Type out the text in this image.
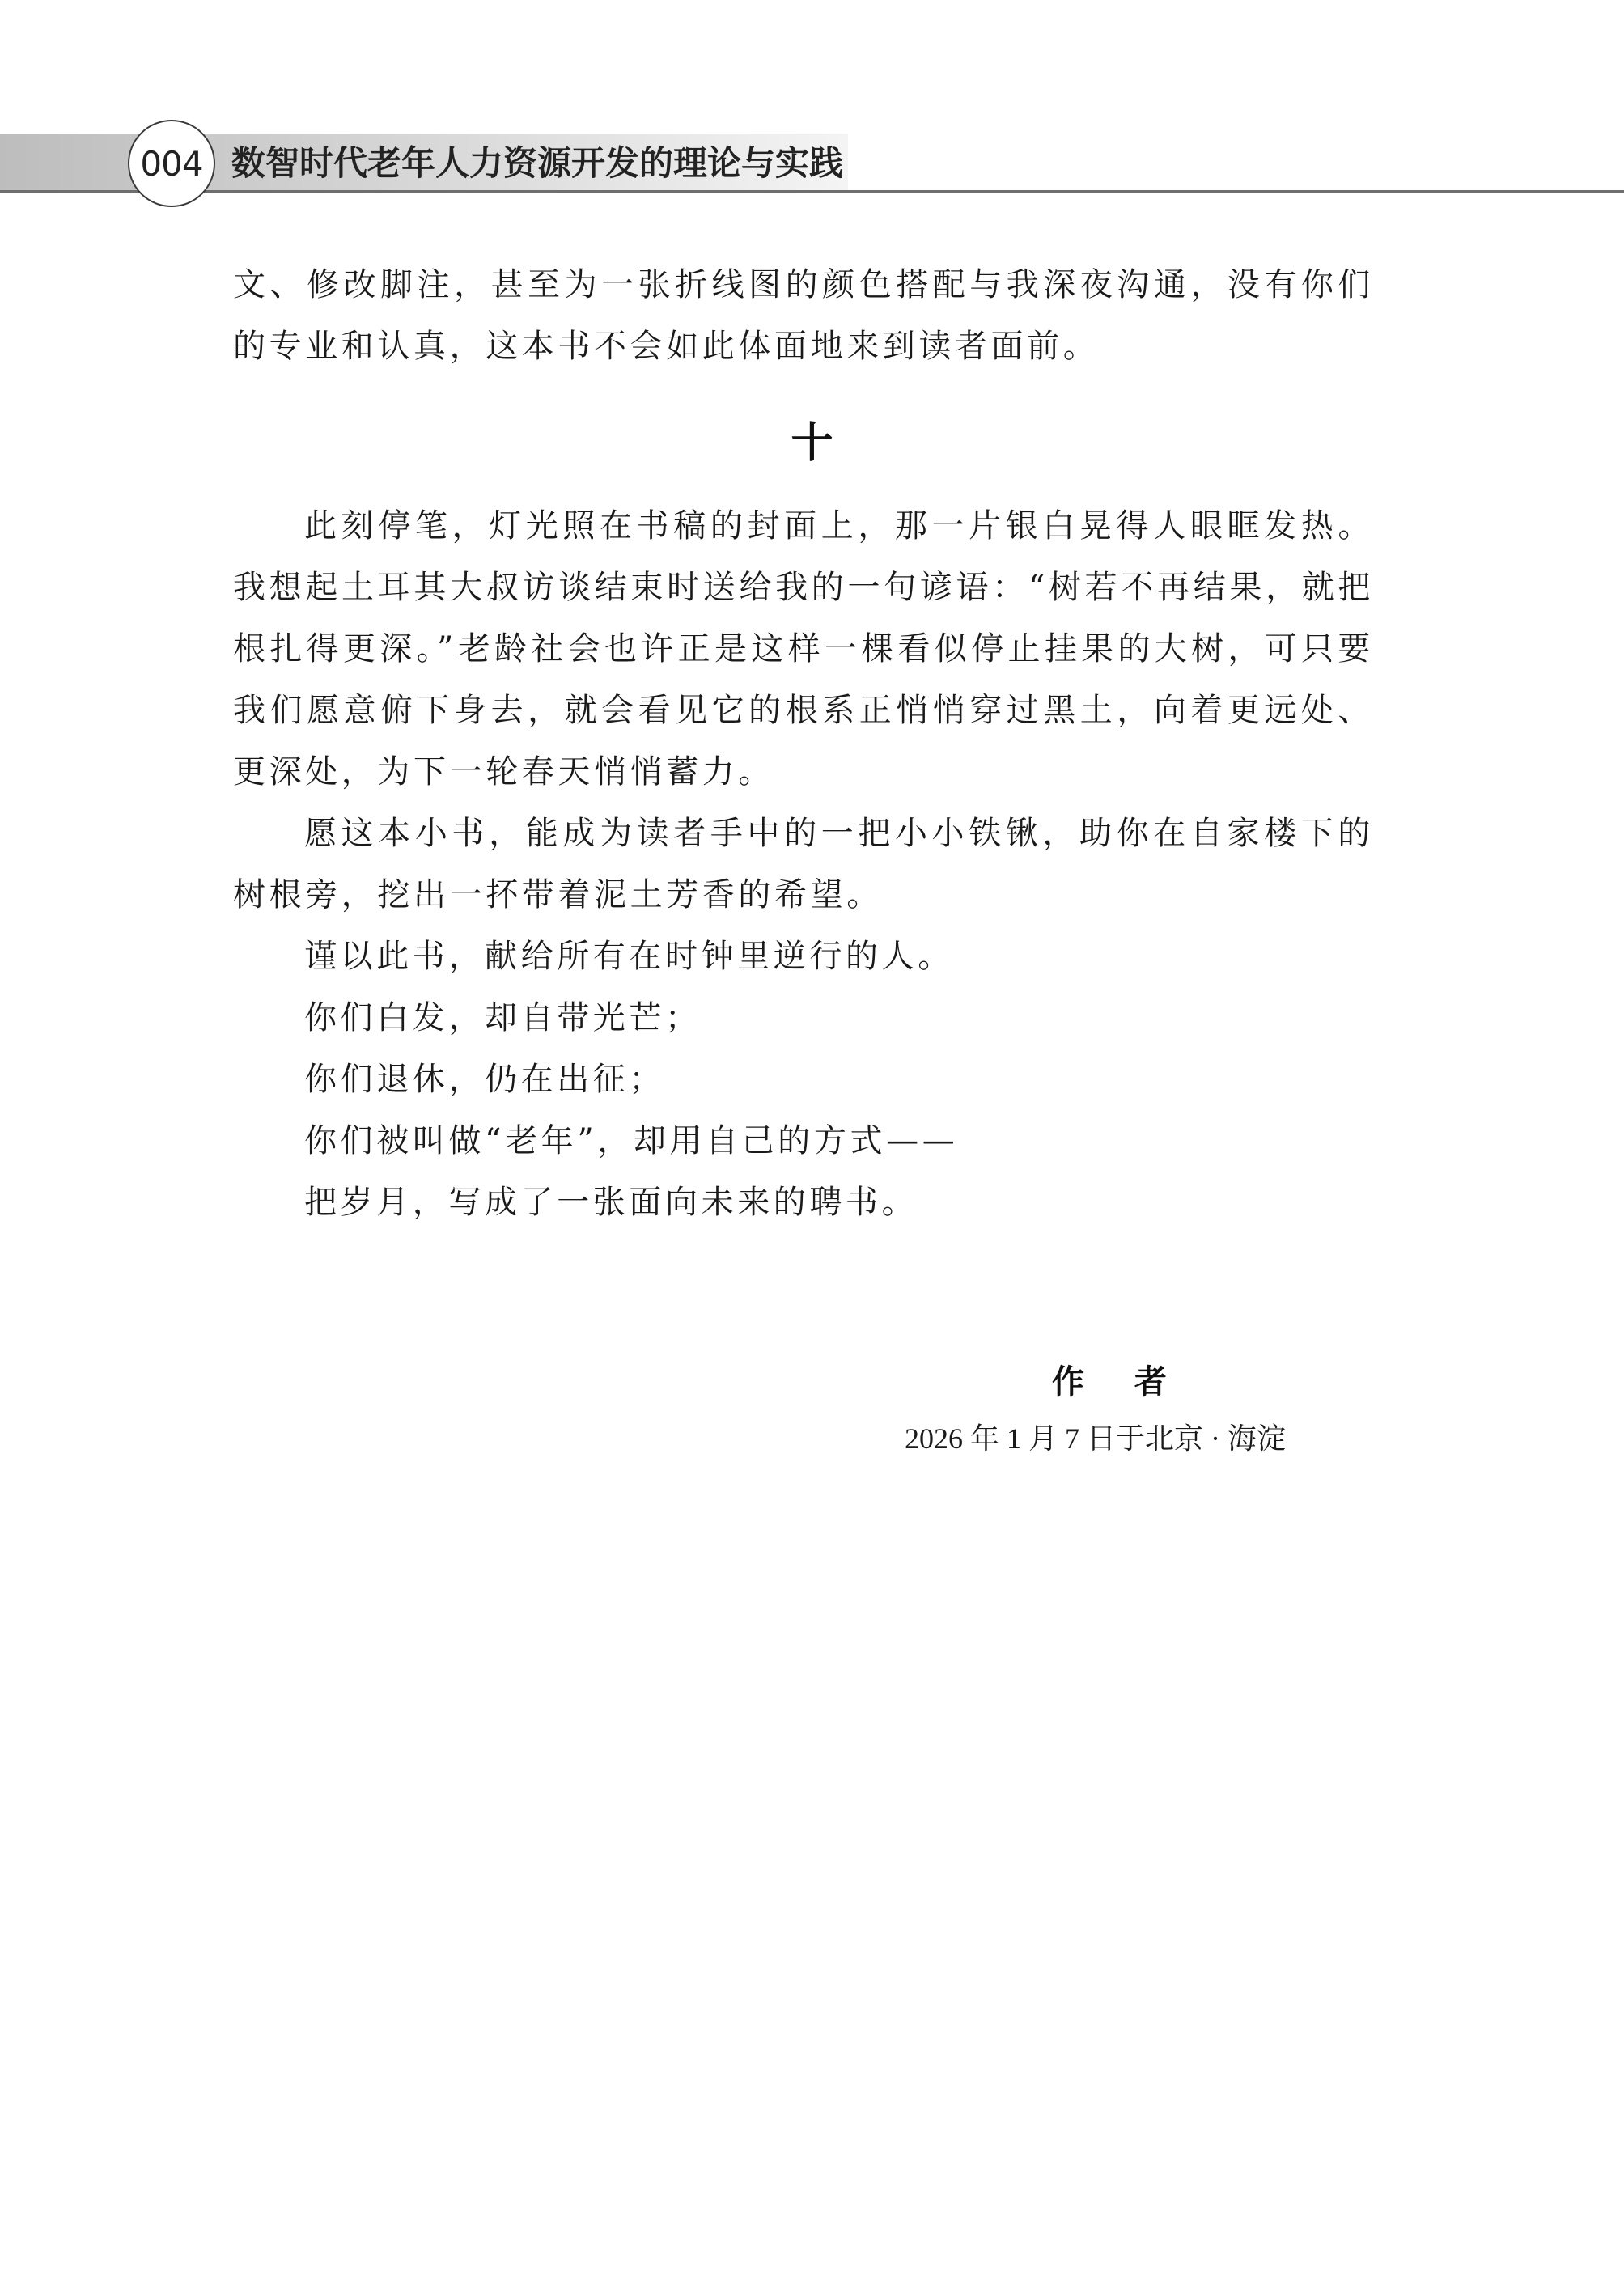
004 数智时代老年人力资源开发的理论与实践

文、修改脚注，甚至为一张折线图的颜色搭配与我深夜沟通，没有你们的专业和认真，这本书不会如此体面地来到读者面前。

十

此刻停笔，灯光照在书稿的封面上，那一片银白晃得人眼眶发热。我想起土耳其大叔访谈结束时送给我的一句谚语：“树若不再结果，就把根扎得更深。”老龄社会也许正是这样一棵看似停止挂果的大树，可只要我们愿意俯下身去，就会看见它的根系正悄悄穿过黑土，向着更远处、更深处，为下一轮春天悄悄蓄力。

愿这本小书，能成为读者手中的一把小小铁锹，助你在自家楼下的树根旁，挖出一抔带着泥土芳香的希望。

谨以此书，献给所有在时钟里逆行的人。

你们白发，却自带光芒；

你们退休，仍在出征；

你们被叫做“老年”，却用自己的方式——

把岁月，写成了一张面向未来的聘书。

作 者
2026 年 1 月 7 日于北京 · 海淀
